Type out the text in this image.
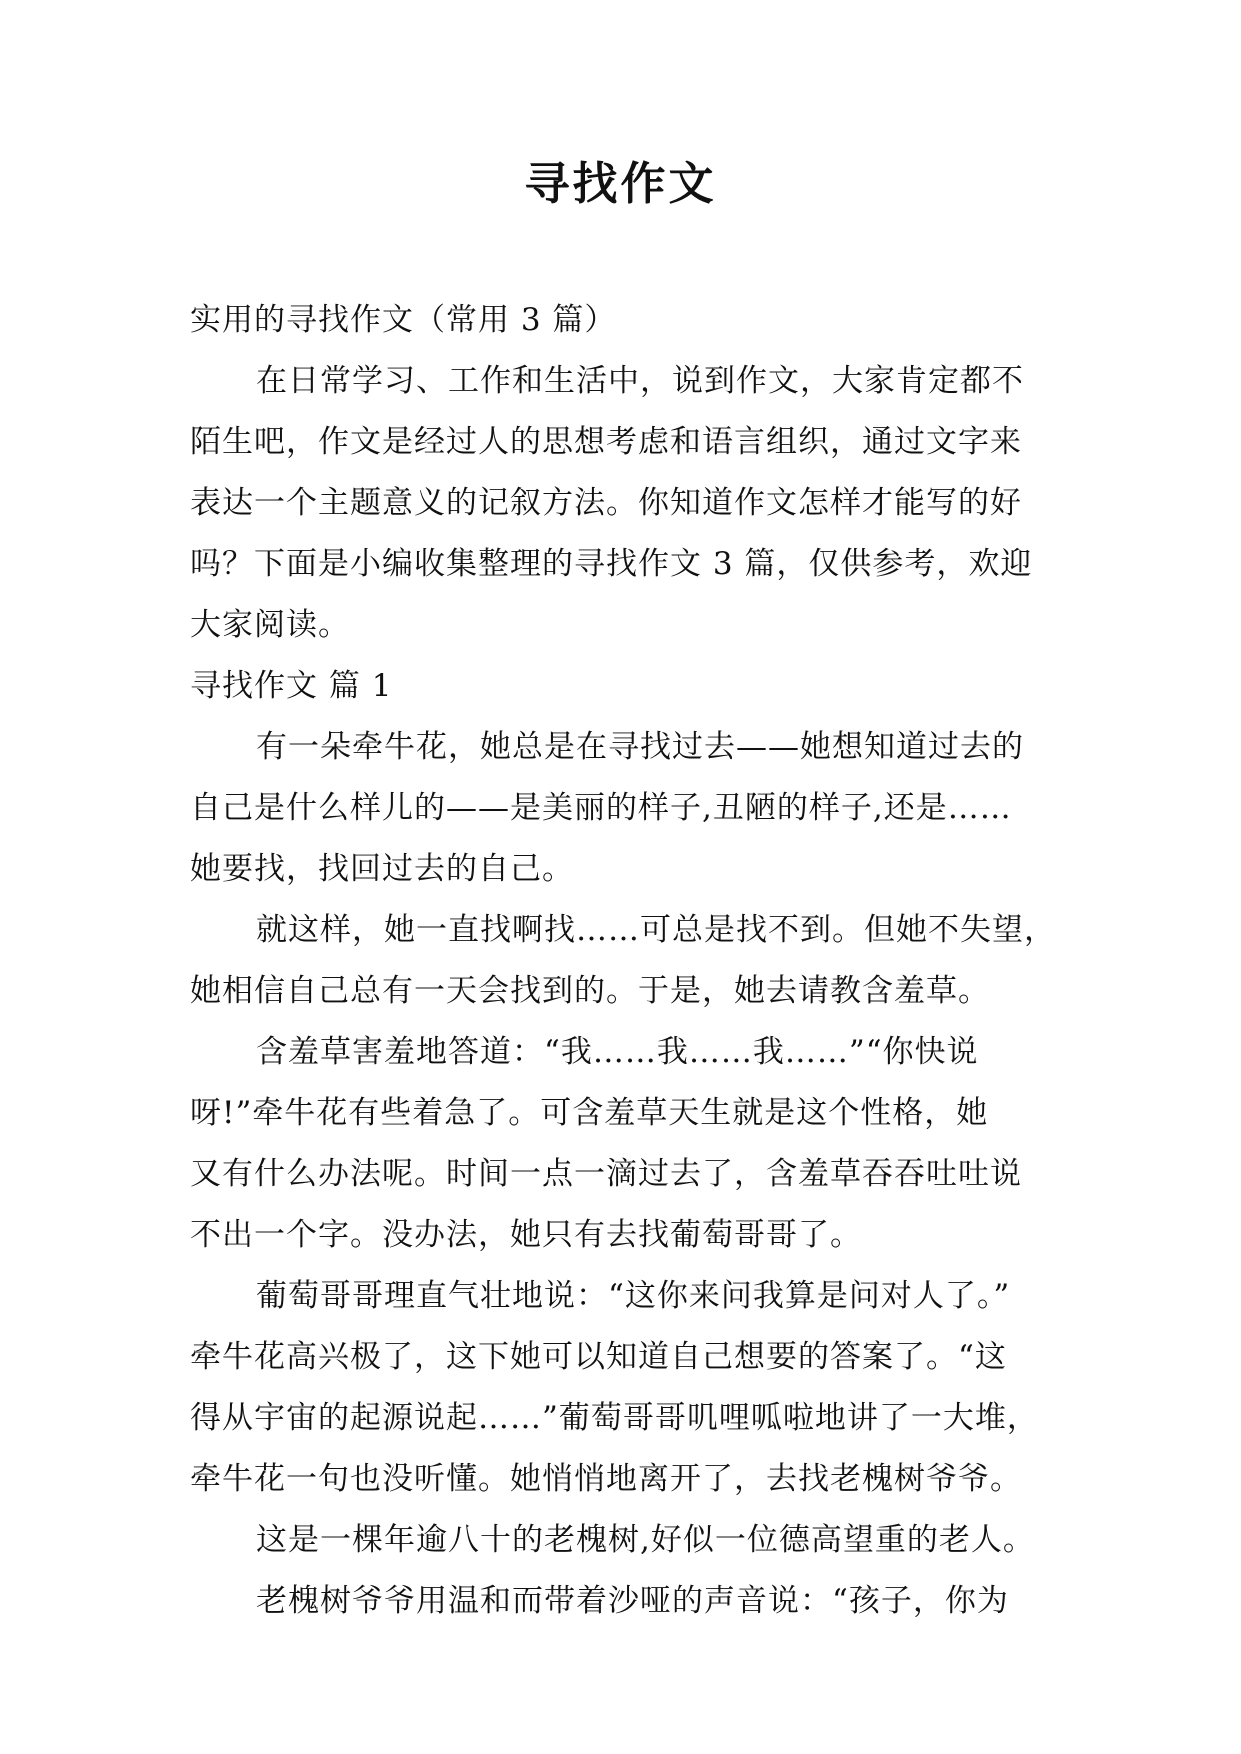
寻找作文
实用的寻找作文（常用 3 篇）
在日常学习、工作和生活中，说到作文，大家肯定都不
陌生吧，作文是经过人的思想考虑和语言组织，通过文字来
表达一个主题意义的记叙方法。你知道作文怎样才能写的好
吗？下面是小编收集整理的寻找作文 3 篇，仅供参考，欢迎
大家阅读。
寻找作文 篇 1
有一朵牵牛花，她总是在寻找过去——她想知道过去的
自己是什么样儿的——是美丽的样子,丑陋的样子,还是……
她要找，找回过去的自己。
就这样，她一直找啊找……可总是找不到。但她不失望，
她相信自己总有一天会找到的。于是，她去请教含羞草。
含羞草害羞地答道：“我……我……我……”“你快说
呀!”牵牛花有些着急了。可含羞草天生就是这个性格，她
又有什么办法呢。时间一点一滴过去了，含羞草吞吞吐吐说
不出一个字。没办法，她只有去找葡萄哥哥了。
葡萄哥哥理直气壮地说：“这你来问我算是问对人了。”
牵牛花高兴极了，这下她可以知道自己想要的答案了。“这
得从宇宙的起源说起……”葡萄哥哥叽哩呱啦地讲了一大堆，
牵牛花一句也没听懂。她悄悄地离开了，去找老槐树爷爷。
这是一棵年逾八十的老槐树,好似一位德高望重的老人。
老槐树爷爷用温和而带着沙哑的声音说：“孩子，你为
